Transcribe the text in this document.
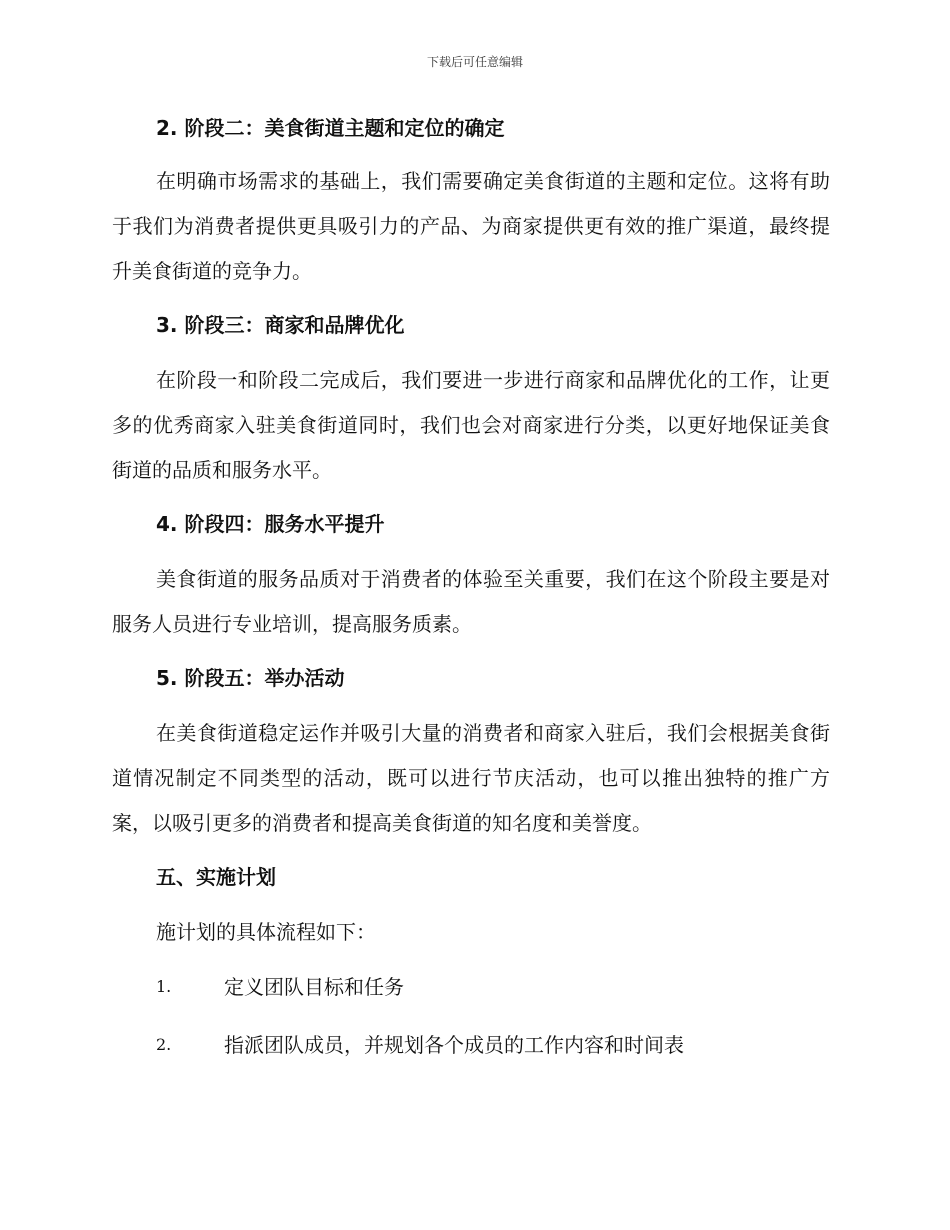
下载后可任意编辑
2. 阶段二：美食街道主题和定位的确定
在明确市场需求的基础上，我们需要确定美食街道的主题和定位。这将有助于我们为消费者提供更具吸引力的产品、为商家提供更有效的推广渠道，最终提升美食街道的竞争力。
3. 阶段三：商家和品牌优化
在阶段一和阶段二完成后，我们要进一步进行商家和品牌优化的工作，让更多的优秀商家入驻美食街道同时，我们也会对商家进行分类，以更好地保证美食街道的品质和服务水平。
4. 阶段四：服务水平提升
美食街道的服务品质对于消费者的体验至关重要，我们在这个阶段主要是对服务人员进行专业培训，提高服务质素。
5. 阶段五：举办活动
在美食街道稳定运作并吸引大量的消费者和商家入驻后，我们会根据美食街道情况制定不同类型的活动，既可以进行节庆活动，也可以推出独特的推广方案，以吸引更多的消费者和提高美食街道的知名度和美誉度。
五、实施计划
施计划的具体流程如下：
1.	定义团队目标和任务
2.	指派团队成员，并规划各个成员的工作内容和时间表
